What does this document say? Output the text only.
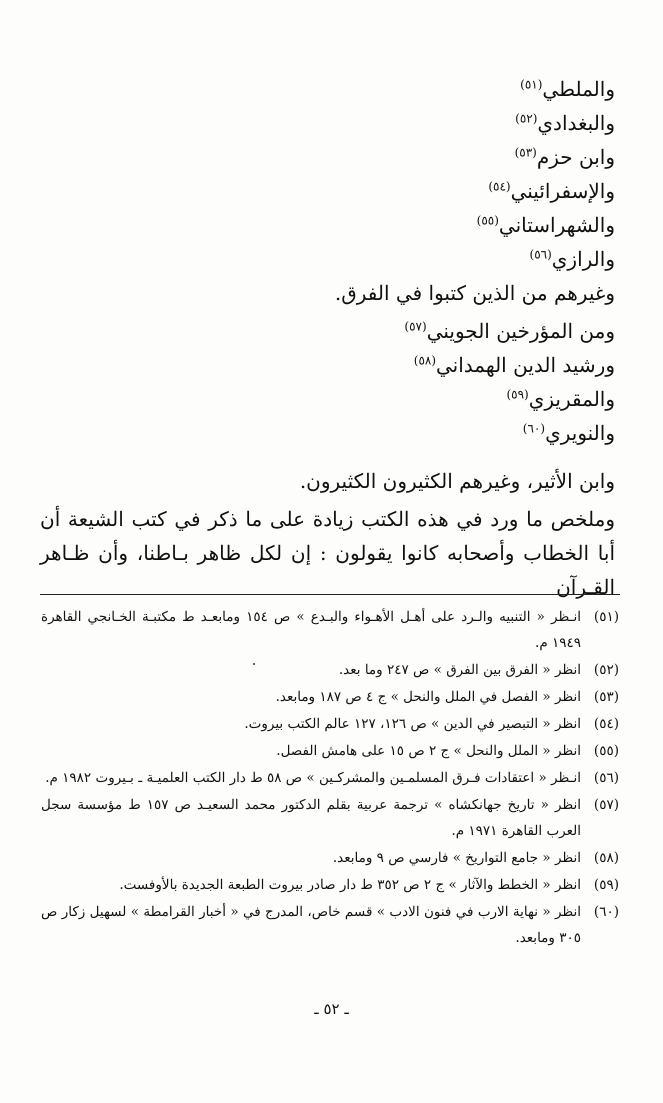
والملطي$^{(٥١)}$
والبغدادي$^{(٥٢)}$
وابن حزم$^{(٥٣)}$
والإسفرائيني$^{(٥٤)}$
والشهراستاني$^{(٥٥)}$
والرازي$^{(٥٦)}$
وغيرهم من الذين كتبوا في الفرق.
ومن المؤرخين الجويني$^{(٥٧)}$
ورشيد الدين الهمداني$^{(٥٨)}$
والمقريزي$^{(٥٩)}$
والنويري$^{(٦٠)}$
وابن الأثير، وغيرهم الكثيرون الكثيرون.
وملخص ما ورد في هذه الكتب زيادة على ما ذكر في كتب الشيعة أن أبا الخطاب وأصحابه كانوا يقولون : إن لكل ظاهر بـاطنا، وأن ظـاهر القـرآن
(٥١)
انـظر « التنبيه والـرد على أهـل الأهـواء والبـدع » ص ١٥٤ ومابعـد ط مكتبـة الخـانجي القاهرة ١٩٤٩ م.
(٥٢)
انظر « الفرق بين الفرق » ص ٢٤٧ وما بعد.
(٥٣)
انظر « الفصل في الملل والنحل » ج ٤ ص ١٨٧ ومابعد.
(٥٤)
انظر « التبصير في الدين » ص ١٢٦، ١٢٧ عالم الكتب بيروت.
(٥٥)
انظر « الملل والنحل » ج ٢ ص ١٥ على هامش الفصل.
(٥٦)
انـظر « اعتقادات فـرق المسلمـين والمشركـين » ص ٥٨ ط دار الكتب العلميـة ـ بـيروت ١٩٨٢ م.
(٥٧)
انظر « تاريخ جهانكشاه » ترجمة عربية بقلم الدكتور محمد السعيـد ص ١٥٧ ط مؤسسة سجل العرب القاهرة ١٩٧١ م.
(٥٨)
انظر « جامع التواريخ » فارسي ص ٩ ومابعد.
(٥٩)
انظر « الخطط والآثار » ج ٢ ص ٣٥٢ ط دار صادر بيروت الطبعة الجديدة بالأوفست.
(٦٠)
انظر « نهاية الارب في فنون الادب » قسم خاص، المدرج في « أخبار القرامطة » لسهيل زكار ص ٣٠٥ ومابعد.
ـ ٥٢ ـ
